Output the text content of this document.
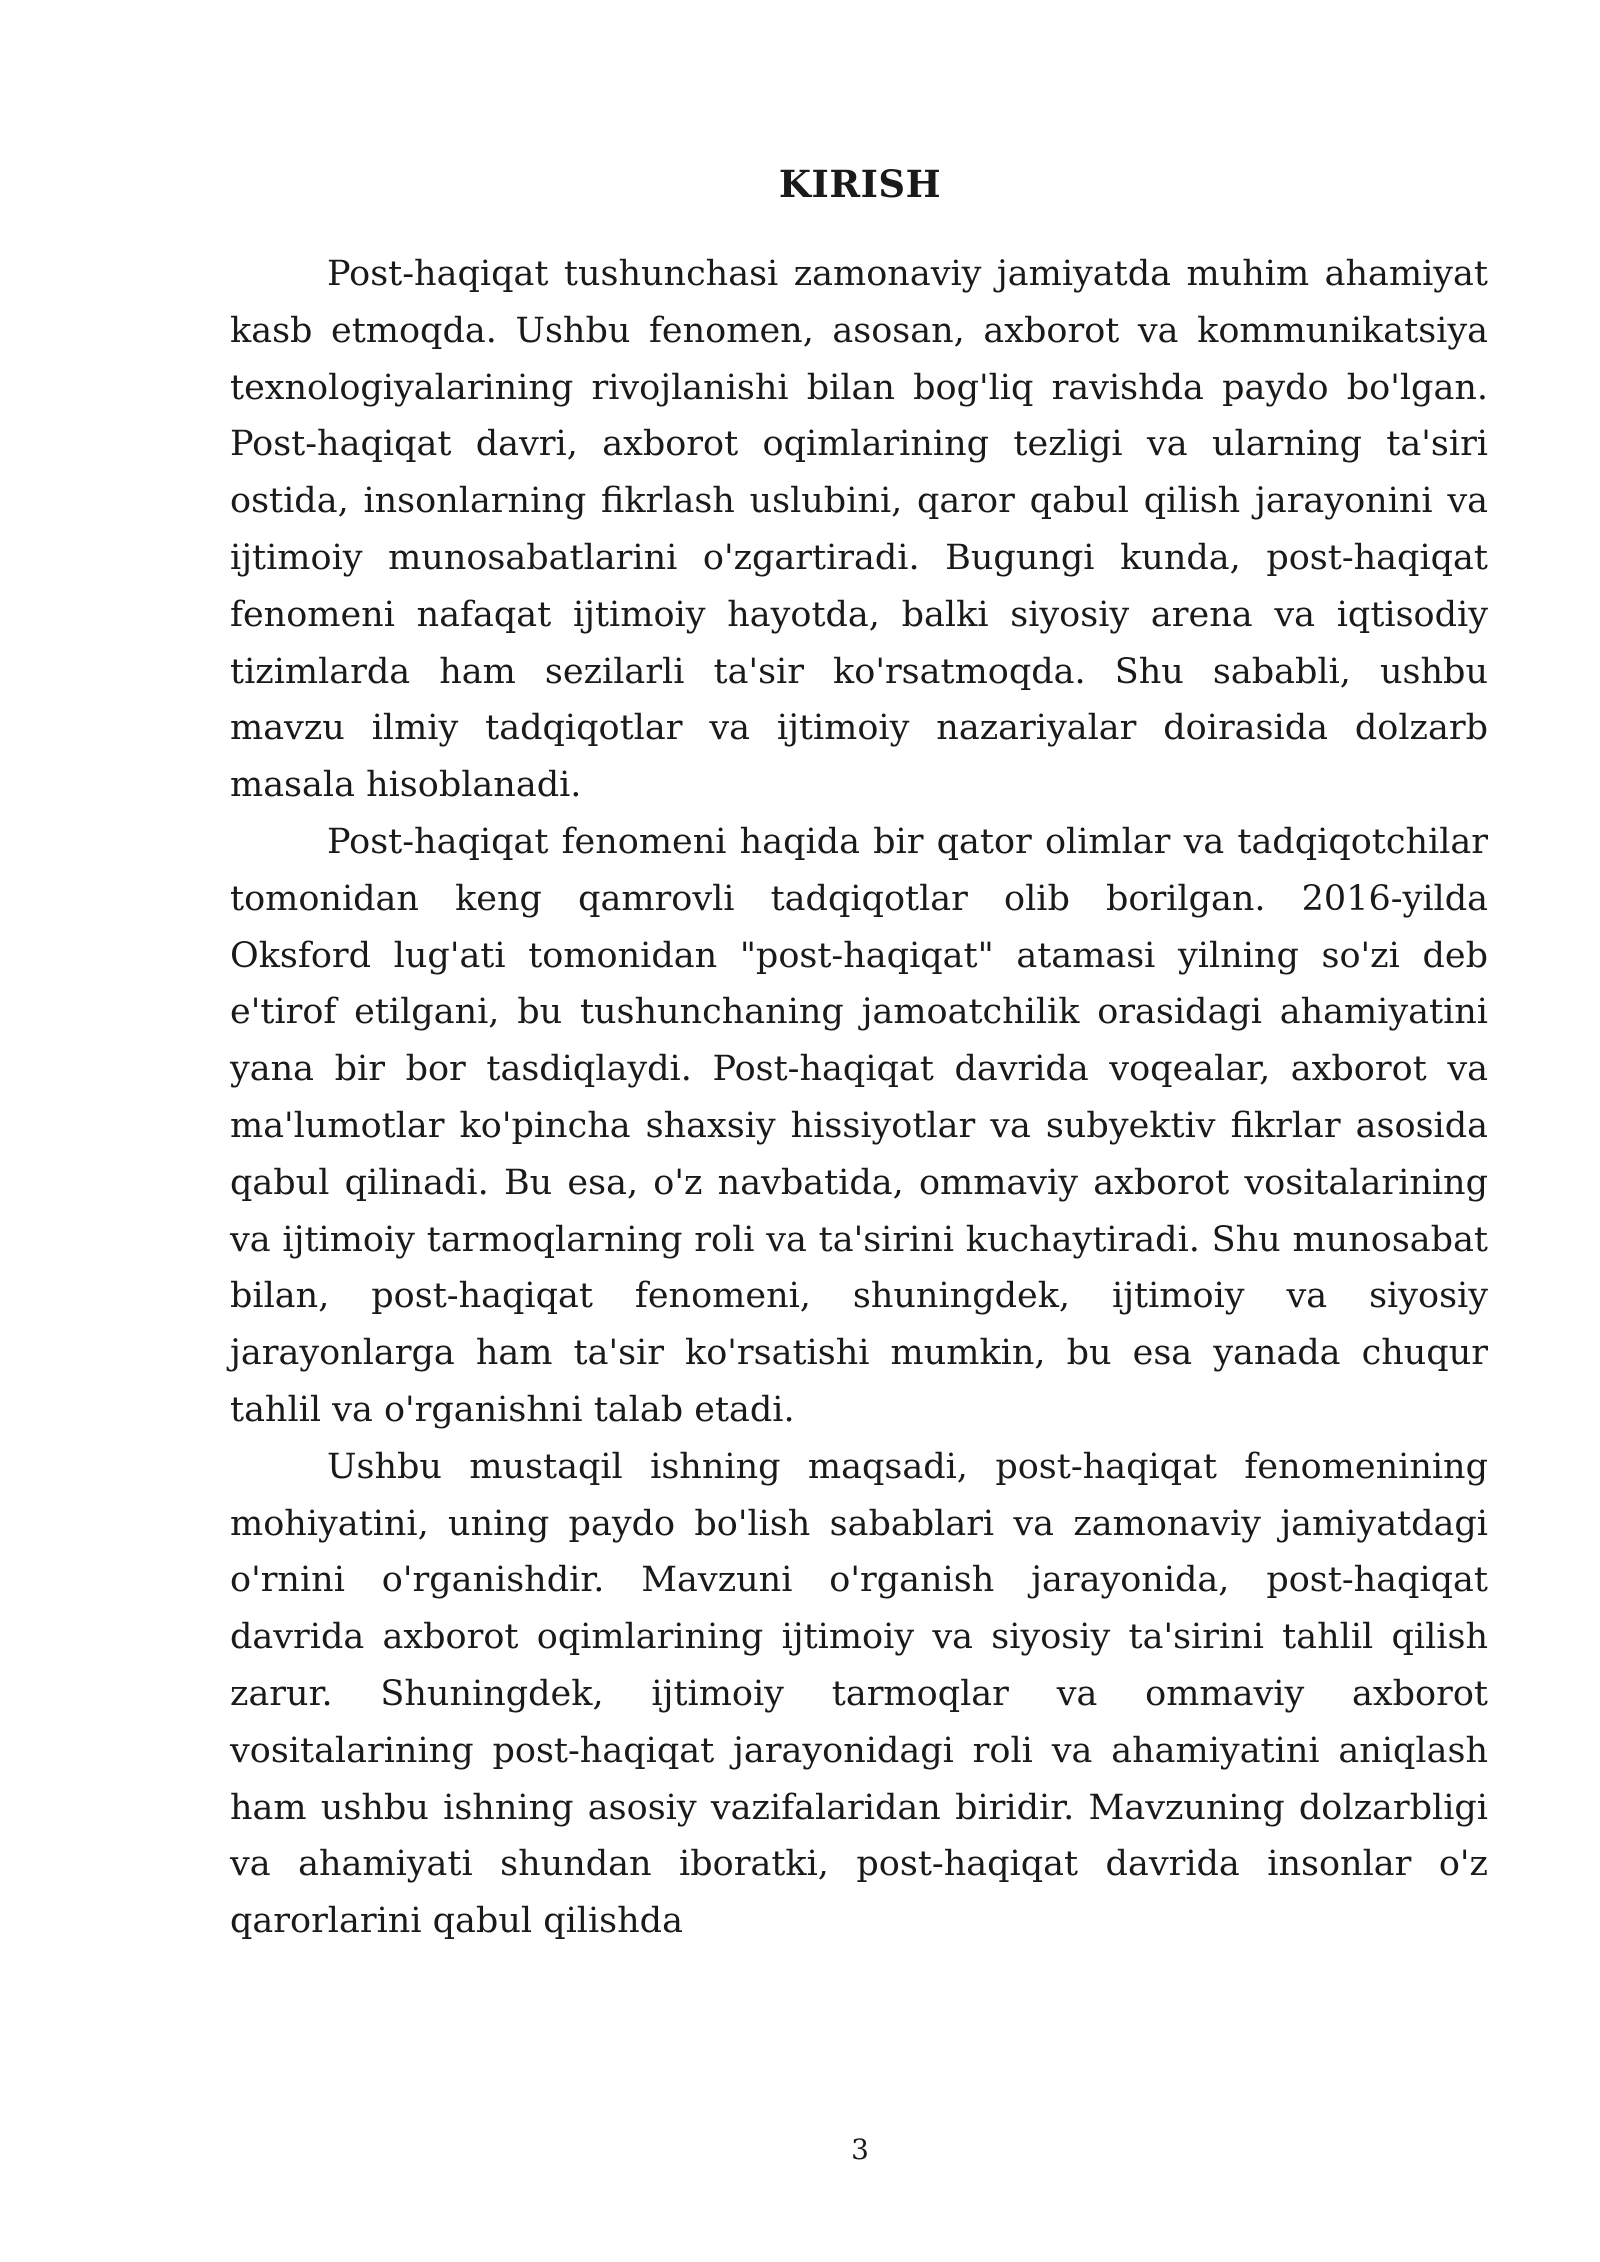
KIRISH

Post-haqiqat tushunchasi zamonaviy jamiyatda muhim ahamiyat kasb etmoqda. Ushbu fenomen, asosan, axborot va kommunikatsiya texnologiyalarining rivojlanishi bilan bog'liq ravishda paydo bo'lgan. Post-haqiqat davri, axborot oqimlarining tezligi va ularning ta'siri ostida, insonlarning fikrlash uslubini, qaror qabul qilish jarayonini va ijtimoiy munosabatlarini o'zgartiradi. Bugungi kunda, post-haqiqat fenomeni nafaqat ijtimoiy hayotda, balki siyosiy arena va iqtisodiy tizimlarda ham sezilarli ta'sir ko'rsatmoqda. Shu sababli, ushbu mavzu ilmiy tadqiqotlar va ijtimoiy nazariyalar doirasida dolzarb masala hisoblanadi.

Post-haqiqat fenomeni haqida bir qator olimlar va tadqiqotchilar tomonidan keng qamrovli tadqiqotlar olib borilgan. 2016-yilda Oksford lug'ati tomonidan "post-haqiqat" atamasi yilning so'zi deb e'tirof etilgani, bu tushunchaning jamoatchilik orasidagi ahamiyatini yana bir bor tasdiqlaydi. Post-haqiqat davrida voqealar, axborot va ma'lumotlar ko'pincha shaxsiy hissiyotlar va subyektiv fikrlar asosida qabul qilinadi. Bu esa, o'z navbatida, ommaviy axborot vositalarining va ijtimoiy tarmoqlarning roli va ta'sirini kuchaytiradi. Shu munosabat bilan, post-haqiqat fenomeni, shuningdek, ijtimoiy va siyosiy jarayonlarga ham ta'sir ko'rsatishi mumkin, bu esa yanada chuqur tahlil va o'rganishni talab etadi.

Ushbu mustaqil ishning maqsadi, post-haqiqat fenomenining mohiyatini, uning paydo bo'lish sabablari va zamonaviy jamiyatdagi o'rnini o'rganishdir. Mavzuni o'rganish jarayonida, post-haqiqat davrida axborot oqimlarining ijtimoiy va siyosiy ta'sirini tahlil qilish zarur. Shuningdek, ijtimoiy tarmoqlar va ommaviy axborot vositalarining post-haqiqat jarayonidagi roli va ahamiyatini aniqlash ham ushbu ishning asosiy vazifalaridan biridir. Mavzuning dolzarbligi va ahamiyati shundan iboratki, post-haqiqat davrida insonlar o'z qarorlarini qabul qilishda

3
